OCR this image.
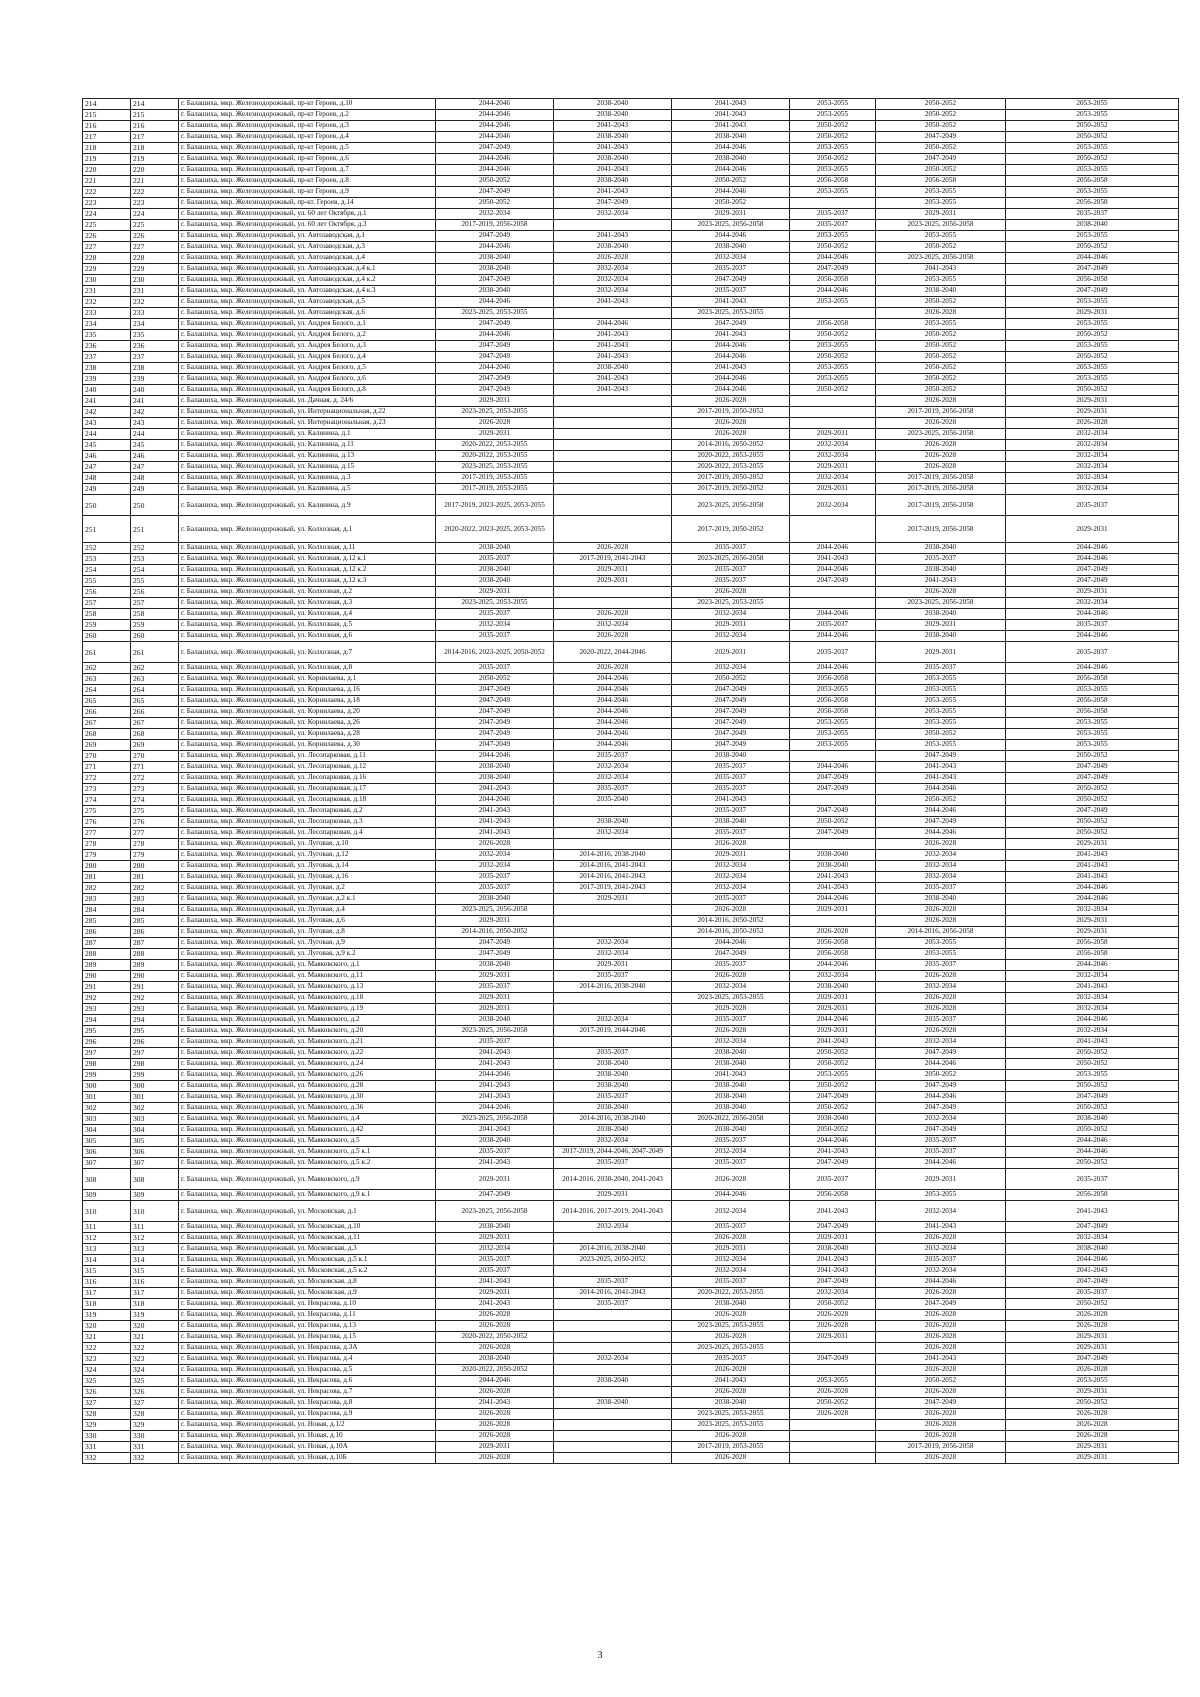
214	214	г. Балашиха, мкр. Железнодорожный, пр-кт Героев, д.10	2044-2046	2038-2040	2041-2043	2053-2055	2050-2052	2053-2055
215	215	г. Балашиха, мкр. Железнодорожный, пр-кт Героев, д.2	2044-2046	2038-2040	2041-2043	2053-2055	2050-2052	2053-2055
216	216	г. Балашиха, мкр. Железнодорожный, пр-кт Героев, д.3	2044-2046	2041-2043	2041-2043	2050-2052	2050-2052	2050-2052
217	217	г. Балашиха, мкр. Железнодорожный, пр-кт Героев, д.4	2044-2046	2038-2040	2038-2040	2050-2052	2047-2049	2050-2052
218	218	г. Балашиха, мкр. Железнодорожный, пр-кт Героев, д.5	2047-2049	2041-2043	2044-2046	2053-2055	2050-2052	2053-2055
219	219	г. Балашиха, мкр. Железнодорожный, пр-кт Героев, д.6	2044-2046	2038-2040	2038-2040	2050-2052	2047-2049	2050-2052
220	220	г. Балашиха, мкр. Железнодорожный, пр-кт Героев, д.7	2044-2046	2041-2043	2044-2046	2053-2055	2050-2052	2053-2055
221	221	г. Балашиха, мкр. Железнодорожный, пр-кт Героев, д.8	2050-2052	2038-2040	2050-2052	2056-2058	2056-2058	2056-2058
222	222	г. Балашиха, мкр. Железнодорожный, пр-кт Героев, д.9	2047-2049	2041-2043	2044-2046	2053-2055	2053-2055	2053-2055
223	223	г. Балашиха, мкр. Железнодорожный, пр-кт. Героев, д.14	2050-2052	2047-2049	2050-2052		2053-2055	2056-2058
224	224	г. Балашиха, мкр. Железнодорожный, ул. 60 лет Октября, д.1	2032-2034	2032-2034	2029-2031	2035-2037	2029-2031	2035-2037
225	225	г. Балашиха, мкр. Железнодорожный, ул. 60 лет Октября, д.3	2017-2019, 2056-2058		2023-2025, 2056-2058	2035-2037	2023-2025, 2056-2058	2038-2040
226	226	г. Балашиха, мкр. Железнодорожный, ул. Автозаводская, д.1	2047-2049	2041-2043	2044-2046	2053-2055	2053-2055	2053-2055
227	227	г. Балашиха, мкр. Железнодорожный, ул. Автозаводская, д.3	2044-2046	2038-2040	2038-2040	2050-2052	2050-2052	2050-2052
228	228	г. Балашиха, мкр. Железнодорожный, ул. Автозаводская, д.4	2038-2040	2026-2028	2032-2034	2044-2046	2023-2025, 2056-2058	2044-2046
229	229	г. Балашиха, мкр. Железнодорожный, ул. Автозаводская, д.4 к.1	2038-2040	2032-2034	2035-2037	2047-2049	2041-2043	2047-2049
230	230	г. Балашиха, мкр. Железнодорожный, ул. Автозаводская, д.4 к.2	2047-2049	2032-2034	2047-2049	2056-2058	2053-2055	2056-2058
231	231	г. Балашиха, мкр. Железнодорожный, ул. Автозаводская, д.4 к.3	2038-2040	2032-2034	2035-2037	2044-2046	2038-2040	2047-2049
232	232	г. Балашиха, мкр. Железнодорожный, ул. Автозаводская, д.5	2044-2046	2041-2043	2041-2043	2053-2055	2050-2052	2053-2055
233	233	г. Балашиха, мкр. Железнодорожный, ул. Автозаводская, д.6	2023-2025, 2053-2055		2023-2025, 2053-2055		2026-2028	2029-2031
234	234	г. Балашиха, мкр. Железнодорожный, ул. Андрея Белого, д.1	2047-2049	2044-2046	2047-2049	2056-2058	2053-2055	2053-2055
235	235	г. Балашиха, мкр. Железнодорожный, ул. Андрея Белого, д.2	2044-2046	2041-2043	2041-2043	2050-2052	2050-2052	2050-2052
236	236	г. Балашиха, мкр. Железнодорожный, ул. Андрея Белого, д.3	2047-2049	2041-2043	2044-2046	2053-2055	2050-2052	2053-2055
237	237	г. Балашиха, мкр. Железнодорожный, ул. Андрея Белого, д.4	2047-2049	2041-2043	2044-2046	2050-2052	2050-2052	2050-2052
238	238	г. Балашиха, мкр. Железнодорожный, ул. Андрея Белого, д.5	2044-2046	2038-2040	2041-2043	2053-2055	2050-2052	2053-2055
239	239	г. Балашиха, мкр. Железнодорожный, ул. Андрея Белого, д.6	2047-2049	2041-2043	2044-2046	2053-2055	2050-2052	2053-2055
240	240	г. Балашиха, мкр. Железнодорожный, ул. Андрея Белого, д.8	2047-2049	2041-2043	2044-2046	2050-2052	2050-2052	2050-2052
241	241	г. Балашиха, мкр. Железнодорожный, ул. Дачная, д. 24/6	2029-2031		2026-2028		2026-2028	2029-2031
242	242	г. Балашиха, мкр. Железнодорожный, ул. Интернациональная, д.22	2023-2025, 2053-2055		2017-2019, 2050-2052		2017-2019, 2056-2058	2029-2031
243	243	г. Балашиха, мкр. Железнодорожный, ул. Интернациональная, д.23	2026-2028		2026-2028		2026-2028	2026-2028
244	244	г. Балашиха, мкр. Железнодорожный, ул. Калинина, д.1	2029-2031		2026-2028	2029-2031	2023-2025, 2056-2058	2032-2034
245	245	г. Балашиха, мкр. Железнодорожный, ул. Калинина, д.11	2020-2022, 2053-2055		2014-2016, 2050-2052	2032-2034	2026-2028	2032-2034
246	246	г. Балашиха, мкр. Железнодорожный, ул. Калинина, д.13	2020-2022, 2053-2055		2020-2022, 2053-2055	2032-2034	2026-2028	2032-2034
247	247	г. Балашиха, мкр. Железнодорожный, ул. Калинина, д.15	2023-2025, 2053-2055		2020-2022, 2053-2055	2029-2031	2026-2028	2032-2034
248	248	г. Балашиха, мкр. Железнодорожный, ул. Калинина, д.3	2017-2019, 2053-2055		2017-2019, 2050-2052	2032-2034	2017-2019, 2056-2058	2032-2034
249	249	г. Балашиха, мкр. Железнодорожный, ул. Калинина, д.5	2017-2019, 2053-2055		2017-2019, 2050-2052	2029-2031	2017-2019, 2056-2058	2032-2034
250	250	г. Балашиха, мкр. Железнодорожный, ул. Калинина, д.9	2017-2019, 2023-2025, 2053-2055		2023-2025, 2056-2058	2032-2034	2017-2019, 2056-2058	2035-2037
251	251	г. Балашиха, мкр. Железнодорожный, ул. Колхозная, д.1	2020-2022, 2023-2025, 2053-2055		2017-2019, 2050-2052		2017-2019, 2056-2058	2029-2031
252	252	г. Балашиха, мкр. Железнодорожный, ул. Колхозная, д.11	2038-2040	2026-2028	2035-2037	2044-2046	2038-2040	2044-2046
253	253	г. Балашиха, мкр. Железнодорожный, ул. Колхозная, д.12 к.1	2035-2037	2017-2019, 2041-2043	2023-2025, 2056-2058	2041-2043	2035-2037	2044-2046
254	254	г. Балашиха, мкр. Железнодорожный, ул. Колхозная, д.12 к.2	2038-2040	2029-2031	2035-2037	2044-2046	2038-2040	2047-2049
255	255	г. Балашиха, мкр. Железнодорожный, ул. Колхозная, д.12 к.3	2038-2040	2029-2031	2035-2037	2047-2049	2041-2043	2047-2049
256	256	г. Балашиха, мкр. Железнодорожный, ул. Колхозная, д.2	2029-2031		2026-2028		2026-2028	2029-2031
257	257	г. Балашиха, мкр. Железнодорожный, ул. Колхозная, д.3	2023-2025, 2053-2055		2023-2025, 2053-2055		2023-2025, 2056-2058	2032-2034
258	258	г. Балашиха, мкр. Железнодорожный, ул. Колхозная, д.4	2035-2037	2026-2028	2032-2034	2044-2046	2038-2040	2044-2046
259	259	г. Балашиха, мкр. Железнодорожный, ул. Колхозная, д.5	2032-2034	2032-2034	2029-2031	2035-2037	2029-2031	2035-2037
260	260	г. Балашиха, мкр. Железнодорожный, ул. Колхозная, д.6	2035-2037	2026-2028	2032-2034	2044-2046	2038-2040	2044-2046
261	261	г. Балашиха, мкр. Железнодорожный, ул. Колхозная, д.7	2014-2016, 2023-2025, 2050-2052	2020-2022, 2044-2046	2029-2031	2035-2037	2029-2031	2035-2037
262	262	г. Балашиха, мкр. Железнодорожный, ул. Колхозная, д.8	2035-2037	2026-2028	2032-2034	2044-2046	2035-2037	2044-2046
263	263	г. Балашиха, мкр. Железнодорожный, ул. Корнилаева, д.1	2050-2052	2044-2046	2050-2052	2056-2058	2053-2055	2056-2058
264	264	г. Балашиха, мкр. Железнодорожный, ул. Корнилаева, д.16	2047-2049	2044-2046	2047-2049	2053-2055	2053-2055	2053-2055
265	265	г. Балашиха, мкр. Железнодорожный, ул. Корнилаева, д.18	2047-2049	2044-2046	2047-2049	2056-2058	2053-2055	2056-2058
266	266	г. Балашиха, мкр. Железнодорожный, ул. Корнилаева, д.20	2047-2049	2044-2046	2047-2049	2056-2058	2053-2055	2056-2058
267	267	г. Балашиха, мкр. Железнодорожный, ул. Корнилаева, д.26	2047-2049	2044-2046	2047-2049	2053-2055	2053-2055	2053-2055
268	268	г. Балашиха, мкр. Железнодорожный, ул. Корнилаева, д.28	2047-2049	2044-2046	2047-2049	2053-2055	2050-2052	2053-2055
269	269	г. Балашиха, мкр. Железнодорожный, ул. Корнилаева, д.30	2047-2049	2044-2046	2047-2049	2053-2055	2053-2055	2053-2055
270	270	г. Балашиха, мкр. Железнодорожный, ул. Лесопарковая, д.11	2044-2046	2035-2037	2038-2040		2047-2049	2050-2052
271	271	г. Балашиха, мкр. Железнодорожный, ул. Лесопарковая, д.12	2038-2040	2032-2034	2035-2037	2044-2046	2041-2043	2047-2049
272	272	г. Балашиха, мкр. Железнодорожный, ул. Лесопарковая, д.16	2038-2040	2032-2034	2035-2037	2047-2049	2041-2043	2047-2049
273	273	г. Балашиха, мкр. Железнодорожный, ул. Лесопарковая, д.17	2041-2043	2035-2037	2035-2037	2047-2049	2044-2046	2050-2052
274	274	г. Балашиха, мкр. Железнодорожный, ул. Лесопарковая, д.18	2044-2046	2035-2040	2041-2043		2050-2052	2050-2052
275	275	г. Балашиха, мкр. Железнодорожный, ул. Лесопарковая, д.2	2041-2043		2035-2037	2047-2049	2044-2046	2047-2049
276	276	г. Балашиха, мкр. Железнодорожный, ул. Лесопарковая, д.3	2041-2043	2038-2040	2038-2040	2050-2052	2047-2049	2050-2052
277	277	г. Балашиха, мкр. Железнодорожный, ул. Лесопарковая, д.4	2041-2043	2032-2034	2035-2037	2047-2049	2044-2046	2050-2052
278	278	г. Балашиха, мкр. Железнодорожный, ул. Луговая, д.10	2026-2028		2026-2028		2026-2028	2029-2031
279	279	г. Балашиха, мкр. Железнодорожный, ул. Луговая, д.12	2032-2034	2014-2016, 2038-2040	2029-2031	2038-2040	2032-2034	2041-2043
280	280	г. Балашиха, мкр. Железнодорожный, ул. Луговая, д.14	2032-2034	2014-2016, 2041-2043	2032-2034	2038-2040	2032-2034	2041-2043
281	281	г. Балашиха, мкр. Железнодорожный, ул. Луговая, д.16	2035-2037	2014-2016, 2041-2043	2032-2034	2041-2043	2032-2034	2041-2043
282	282	г. Балашиха, мкр. Железнодорожный, ул. Луговая, д.2	2035-2037	2017-2019, 2041-2043	2032-2034	2041-2043	2035-2037	2044-2046
283	283	г. Балашиха, мкр. Железнодорожный, ул. Луговая, д.2 к.1	2038-2040	2029-2031	2035-2037	2044-2046	2038-2040	2044-2046
284	284	г. Балашиха, мкр. Железнодорожный, ул. Луговая, д.4	2023-2025, 2056-2058		2026-2028	2029-2031	2026-2028	2032-2034
285	285	г. Балашиха, мкр. Железнодорожный, ул. Луговая, д.6	2029-2031		2014-2016, 2050-2052		2026-2028	2029-2031
286	286	г. Балашиха, мкр. Железнодорожный, ул. Луговая, д.8	2014-2016, 2050-2052		2014-2016, 2050-2052	2026-2028	2014-2016, 2056-2058	2029-2031
287	287	г. Балашиха, мкр. Железнодорожный, ул. Луговая, д.9	2047-2049	2032-2034	2044-2046	2056-2058	2053-2055	2056-2058
288	288	г. Балашиха, мкр. Железнодорожный, ул. Луговая, д.9 к.2	2047-2049	2032-2034	2047-2049	2056-2058	2053-2055	2056-2058
289	289	г. Балашиха, мкр. Железнодорожный, ул. Маяковского, д.1	2038-2040	2029-2031	2035-2037	2044-2046	2035-2037	2044-2046
290	290	г. Балашиха, мкр. Железнодорожный, ул. Маяковского, д.11	2029-2031	2035-2037	2026-2028	2032-2034	2026-2028	2032-2034
291	291	г. Балашиха, мкр. Железнодорожный, ул. Маяковского, д.13	2035-2037	2014-2016, 2038-2040	2032-2034	2038-2040	2032-2034	2041-2043
292	292	г. Балашиха, мкр. Железнодорожный, ул. Маяковского, д.18	2029-2031		2023-2025, 2053-2055	2029-2031	2026-2028	2032-2034
293	293	г. Балашиха, мкр. Железнодорожный, ул. Маяковского, д.19	2029-2031		2029-2028	2029-2031	2026-2028	2032-2034
294	294	г. Балашиха, мкр. Железнодорожный, ул. Маяковского, д.2	2038-2040	2032-2034	2035-2037	2044-2046	2035-2037	2044-2046
295	295	г. Балашиха, мкр. Железнодорожный, ул. Маяковского, д.20	2023-2025, 2056-2058	2017-2019, 2044-2046	2026-2028	2029-2031	2026-2028	2032-2034
296	296	г. Балашиха, мкр. Железнодорожный, ул. Маяковского, д.21	2035-2037		2032-2034	2041-2043	2032-2034	2041-2043
297	297	г. Балашиха, мкр. Железнодорожный, ул. Маяковского, д.22	2041-2043	2035-2037	2038-2040	2050-2052	2047-2049	2050-2052
298	298	г. Балашиха, мкр. Железнодорожный, ул. Маяковского, д.24	2041-2043	2038-2040	2038-2040	2050-2052	2044-2046	2050-2052
299	299	г. Балашиха, мкр. Железнодорожный, ул. Маяковского, д.26	2044-2046	2038-2040	2041-2043	2053-2055	2050-2052	2053-2055
300	300	г. Балашиха, мкр. Железнодорожный, ул. Маяковского, д.28	2041-2043	2038-2040	2038-2040	2050-2052	2047-2049	2050-2052
301	301	г. Балашиха, мкр. Железнодорожный, ул. Маяковского, д.30	2041-2043	2035-2037	2038-2040	2047-2049	2044-2046	2047-2049
302	302	г. Балашиха, мкр. Железнодорожный, ул. Маяковского, д.36	2044-2046	2038-2040	2038-2040	2050-2052	2047-2049	2050-2052
303	303	г. Балашиха, мкр. Железнодорожный, ул. Маяковского, д.4	2023-2025, 2056-2058	2014-2016, 2038-2040	2020-2022, 2056-2058	2038-2040	2032-2034	2038-2040
304	304	г. Балашиха, мкр. Железнодорожный, ул. Маяковского, д.42	2041-2043	2038-2040	2038-2040	2050-2052	2047-2049	2050-2052
305	305	г. Балашиха, мкр. Железнодорожный, ул. Маяковского, д.5	2038-2040	2032-2034	2035-2037	2044-2046	2035-2037	2044-2046
306	306	г. Балашиха, мкр. Железнодорожный, ул. Маяковского, д.5 к.1	2035-2037	2017-2019, 2044-2046, 2047-2049	2032-2034	2041-2043	2035-2037	2044-2046
307	307	г. Балашиха, мкр. Железнодорожный, ул. Маяковского, д.5 к.2	2041-2043	2035-2037	2035-2037	2047-2049	2044-2046	2050-2052
308	308	г. Балашиха, мкр. Железнодорожный, ул. Маяковского, д.9	2029-2031	2014-2016, 2038-2040, 2041-2043	2026-2028	2035-2037	2029-2031	2035-2037
309	309	г. Балашиха, мкр. Железнодорожный, ул. Маяковского, д.9 к.1	2047-2049	2029-2031	2044-2046	2056-2058	2053-2055	2056-2058
310	310	г. Балашиха, мкр. Железнодорожный, ул. Московская, д.1	2023-2025, 2056-2058	2014-2016, 2017-2019, 2041-2043	2032-2034	2041-2043	2032-2034	2041-2043
311	311	г. Балашиха, мкр. Железнодорожный, ул. Московская, д.10	2038-2040	2032-2034	2035-2037	2047-2049	2041-2043	2047-2049
312	312	г. Балашиха, мкр. Железнодорожный, ул. Московская, д.11	2029-2031		2026-2028	2029-2031	2026-2028	2032-2034
313	313	г. Балашиха, мкр. Железнодорожный, ул. Московская, д.3	2032-2034	2014-2016, 2038-2040	2029-2031	2038-2040	2032-2034	2038-2040
314	314	г. Балашиха, мкр. Железнодорожный, ул. Московская, д.5 к.1	2035-2037	2023-2025, 2050-2052	2032-2034	2041-2043	2035-2037	2044-2046
315	315	г. Балашиха, мкр. Железнодорожный, ул. Московская, д.5 к.2	2035-2037		2032-2034	2041-2043	2032-2034	2041-2043
316	316	г. Балашиха, мкр. Железнодорожный, ул. Московская, д.8	2041-2043	2035-2037	2035-2037	2047-2049	2044-2046	2047-2049
317	317	г. Балашиха, мкр. Железнодорожный, ул. Московская, д.9	2029-2031	2014-2016, 2041-2043	2020-2022, 2053-2055	2032-2034	2026-2028	2035-2037
318	318	г. Балашиха, мкр. Железнодорожный, ул. Некрасова, д.10	2041-2043	2035-2037	2038-2040	2050-2052	2047-2049	2050-2052
319	319	г. Балашиха, мкр. Железнодорожный, ул. Некрасова, д.11	2026-2028		2026-2028	2026-2028	2026-2028	2026-2028
320	320	г. Балашиха, мкр. Железнодорожный, ул. Некрасова, д.13	2026-2028		2023-2025, 2053-2055	2026-2028	2026-2028	2026-2028
321	321	г. Балашиха, мкр. Железнодорожный, ул. Некрасова, д.15	2020-2022, 2050-2052		2026-2028	2029-2031	2026-2028	2029-2031
322	322	г. Балашиха, мкр. Железнодорожный, ул. Некрасова, д.3А	2026-2028		2023-2025, 2053-2055		2026-2028	2029-2031
323	323	г. Балашиха, мкр. Железнодорожный, ул. Некрасова, д.4	2038-2040	2032-2034	2035-2037	2047-2049	2041-2043	2047-2049
324	324	г. Балашиха, мкр. Железнодорожный, ул. Некрасова, д.5	2020-2022, 2050-2052		2026-2028		2026-2028	2026-2028
325	325	г. Балашиха, мкр. Железнодорожный, ул. Некрасова, д.6	2044-2046	2038-2040	2041-2043	2053-2055	2050-2052	2053-2055
326	326	г. Балашиха, мкр. Железнодорожный, ул. Некрасова, д.7	2026-2028		2026-2028	2026-2028	2026-2028	2029-2031
327	327	г. Балашиха, мкр. Железнодорожный, ул. Некрасова, д.8	2041-2043	2038-2040	2038-2040	2050-2052	2047-2049	2050-2052
328	328	г. Балашиха, мкр. Железнодорожный, ул. Некрасова, д.9	2026-2028		2023-2025, 2053-2055	2026-2028	2026-2028	2026-2028
329	329	г. Балашиха, мкр. Железнодорожный, ул. Новая, д.1/2	2026-2028		2023-2025, 2053-2055		2026-2028	2026-2028
330	330	г. Балашиха, мкр. Железнодорожный, ул. Новая, д.10	2026-2028		2026-2028		2026-2028	2026-2028
331	331	г. Балашиха, мкр. Железнодорожный, ул. Новая, д.10А	2029-2031		2017-2019, 2053-2055		2017-2019, 2056-2058	2029-2031
332	332	г. Балашиха, мкр. Железнодорожный, ул. Новая, д.10Б	2026-2028		2026-2028		2026-2028	2029-2031
3
